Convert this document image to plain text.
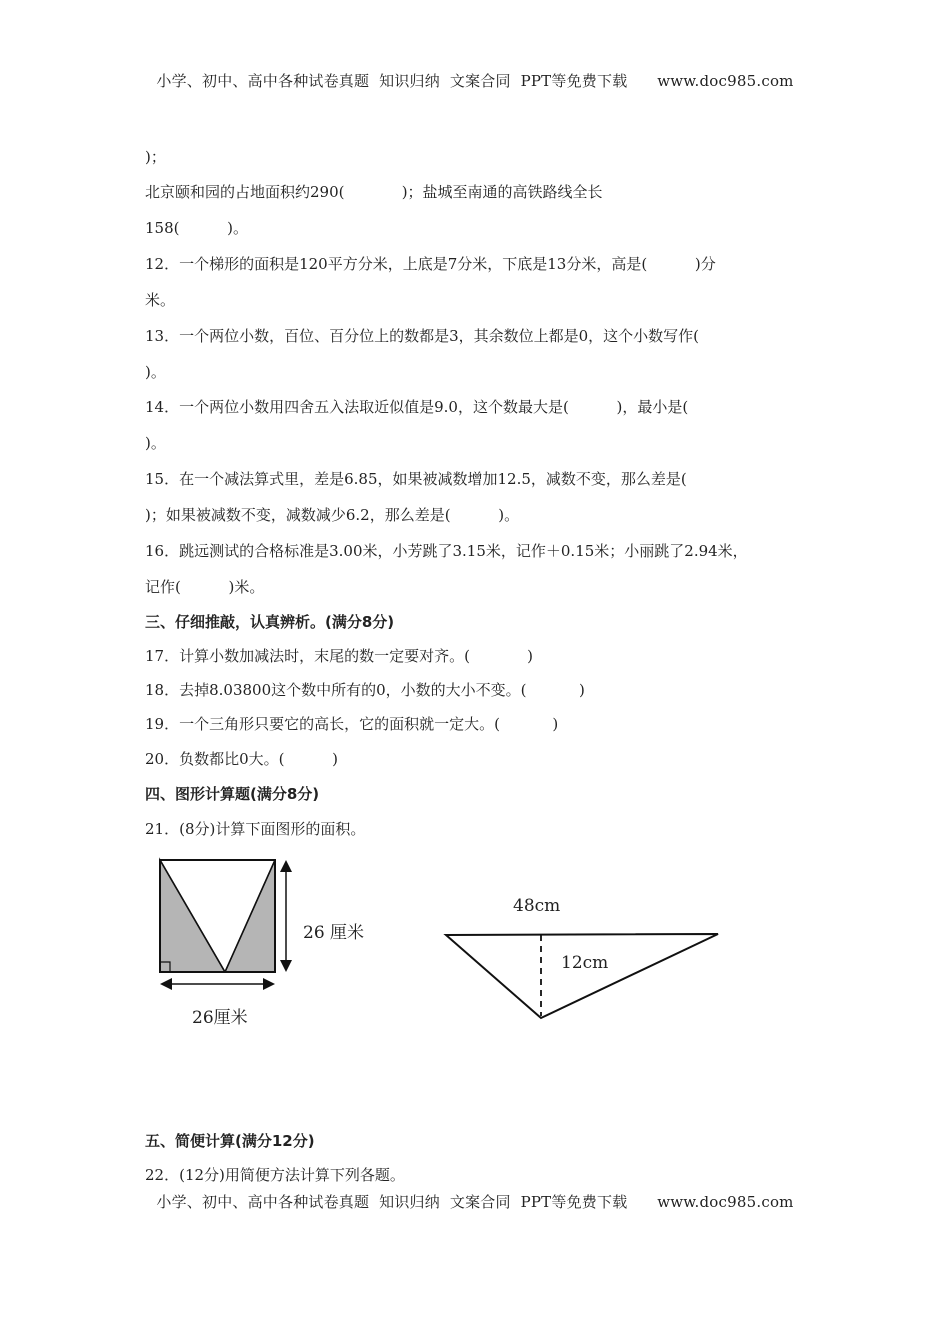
小学、初中、高中各种试卷真题  知识归纳  文案合同  PPT等免费下载      www.doc985.com
)；
北京颐和园的占地面积约290(            )；盐城至南通的高铁路线全长
158(          )。
12．一个梯形的面积是120平方分米，上底是7分米，下底是13分米，高是(          )分
米。
13．一个两位小数，百位、百分位上的数都是3，其余数位上都是0，这个小数写作(
)。
14．一个两位小数用四舍五入法取近似值是9.0，这个数最大是(          )，最小是(
)。
15．在一个减法算式里，差是6.85，如果被减数增加12.5，减数不变，那么差是(
)；如果被减数不变，减数减少6.2，那么差是(          )。
16．跳远测试的合格标准是3.00米，小芳跳了3.15米，记作＋0.15米；小丽跳了2.94米，
记作(          )米。
三、仔细推敲，认真辨析。(满分8分)
17．计算小数加减法时，末尾的数一定要对齐。(            )
18．去掉8.03800这个数中所有的0，小数的大小不变。(           )
19．一个三角形只要它的高长，它的面积就一定大。(           )
20．负数都比0大。(          )
四、图形计算题(满分8分)
21．(8分)计算下面图形的面积。
26 厘米
26厘米
48cm
12cm
五、简便计算(满分12分)
22．(12分)用简便方法计算下列各题。
小学、初中、高中各种试卷真题  知识归纳  文案合同  PPT等免费下载      www.doc985.com
